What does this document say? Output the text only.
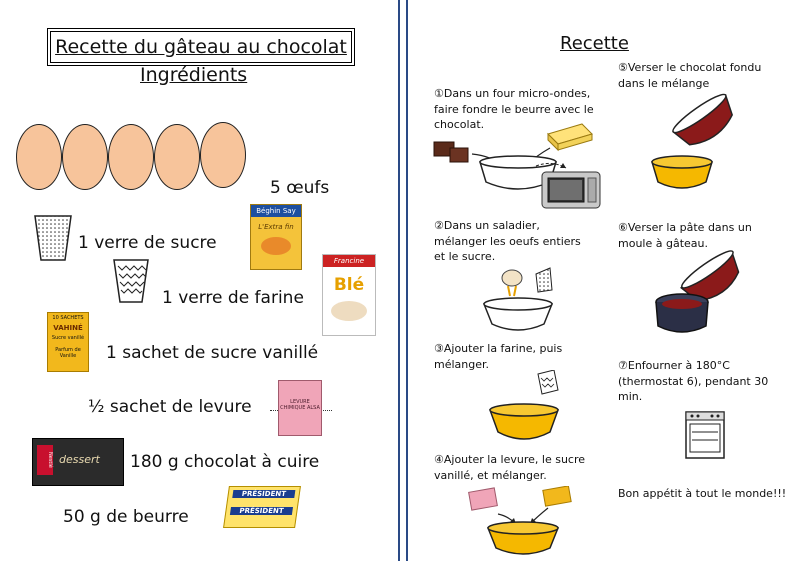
Recette du gâteau au chocolat
Ingrédients
5 œufs
1 verre de sucre
Béghin Say
L'Extra fin
1 verre de farine
Francine
Blé
10 SACHETS
VAHINÉ
Sucre vanillé
Parfum de Vanille	1 sachet de sucre vanillé
½ sachet de levure	LEVURE CHIMIQUE ALSA
Nestlé dessert 180 g chocolat à cuire
50 g de beurre
PRÉSIDENT
PRÉSIDENT
Recette
①Dans un four micro-ondes, faire fondre le beurre avec le chocolat.
②Dans un saladier, mélanger les oeufs entiers et le sucre.
③Ajouter la farine, puis mélanger.
④Ajouter la levure, le sucre vanillé, et mélanger.
⑤Verser le chocolat fondu dans le mélange
⑥Verser la pâte dans un moule à gâteau.
⑦Enfourner à 180°C (thermostat 6), pendant 30 min.
Bon appétit à tout le monde!!!
